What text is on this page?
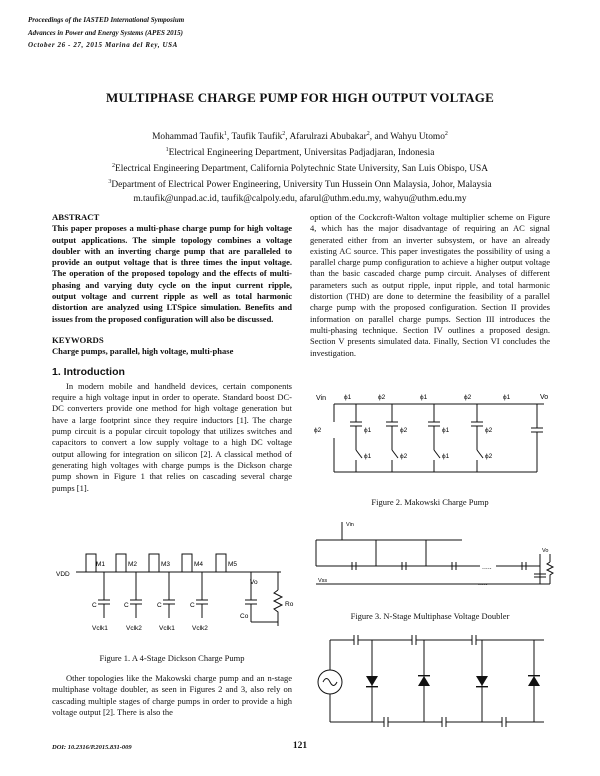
Proceedings of the IASTED International Symposium
Advances in Power and Energy Systems (APES 2015)
October 26 - 27, 2015 Marina del Rey, USA
MULTIPHASE CHARGE PUMP FOR HIGH OUTPUT VOLTAGE
Mohammad Taufik$^1$, Taufik Taufik$^2$, Afarulrazi Abubakar$^2$, and Wahyu Utomo$^2$
$^1$Electrical Engineering Department, Universitas Padjadjaran, Indonesia
$^2$Electrical Engineering Department, California Polytechnic State University, San Luis Obispo, USA
$^3$Department of Electrical Power Engineering, University Tun Hussein Onn Malaysia, Johor, Malaysia
m.taufik@unpad.ac.id, taufik@calpoly.edu, afarul@uthm.edu.my, wahyu@uthm.edu.my
ABSTRACT

This paper proposes a multi-phase charge pump for high voltage output applications. The simple topology combines a voltage doubler with an inverting charge pump that are paralleled to provide an output voltage that is three times the input voltage. The operation of the proposed topology and the effects of multi-phasing and varying duty cycle on the input current ripple, output voltage and current ripple as well as total harmonic distortion are analyzed using LTSpice simulation. Benefits and issues from the proposed configuration will also be discussed.

KEYWORDS

Charge pumps, parallel, high voltage, multi-phase

1. Introduction

In modern mobile and handheld devices, certain components require a high voltage input in order to operate. Standard boost DC-DC converters provide one method for high voltage generation but have a large footprint since they require inductors [1]. The charge pump circuit is a popular circuit topology that utilizes switches and capacitors to convert a low supply voltage to a high DC voltage output allowing for integration on silicon [2]. A classical method of generating high voltages with charge pumps is the Dickson charge pump shown in Figure 1 that relies on cascading several charge pumps [1].

VDD
M1	M2	M3	M4	M5
Vo
C	C	C	C
Co
Ro
Vclk1	Vclk2	Vclk1	Vclk2
Figure 1. A 4-Stage Dickson Charge Pump

Other topologies like the Makowski charge pump and an n-stage multiphase voltage doubler, as seen in Figures 2 and 3, also rely on cascading multiple stages of charge pumps in order to provide a high voltage output [2]. There is also the

option of the Cockcroft-Walton voltage multiplier scheme on Figure 4, which has the major disadvantage of requiring an AC signal generated either from an inverter subsystem, or have an already existing AC source. This paper investigates the possibility of using a parallel charge pump configuration to achieve a higher output voltage than the basic cascaded charge pump circuit. Analyses of different parameters such as output ripple, input ripple, and total harmonic distortion (THD) are done to determine the feasibility of a parallel charge pump with the proposed configuration. Section II provides information on parallel charge pumps. Section III introduces the multi-phasing technique. Section IV outlines a proposed design. Section V presents simulated data. Finally, Section VI concludes the investigation.

Vin	Vo
ϕ1	ϕ2	ϕ1	ϕ2	ϕ1
ϕ2	ϕ1	ϕ2	ϕ1	ϕ2
ϕ1	ϕ2	ϕ1	ϕ2
Figure 2. Makowski Charge Pump
Vin
Vo
Vss
.....
.....
Figure 3. N-Stage Multiphase Voltage Doubler
DOI: 10.2316/P.2015.831-009	121
